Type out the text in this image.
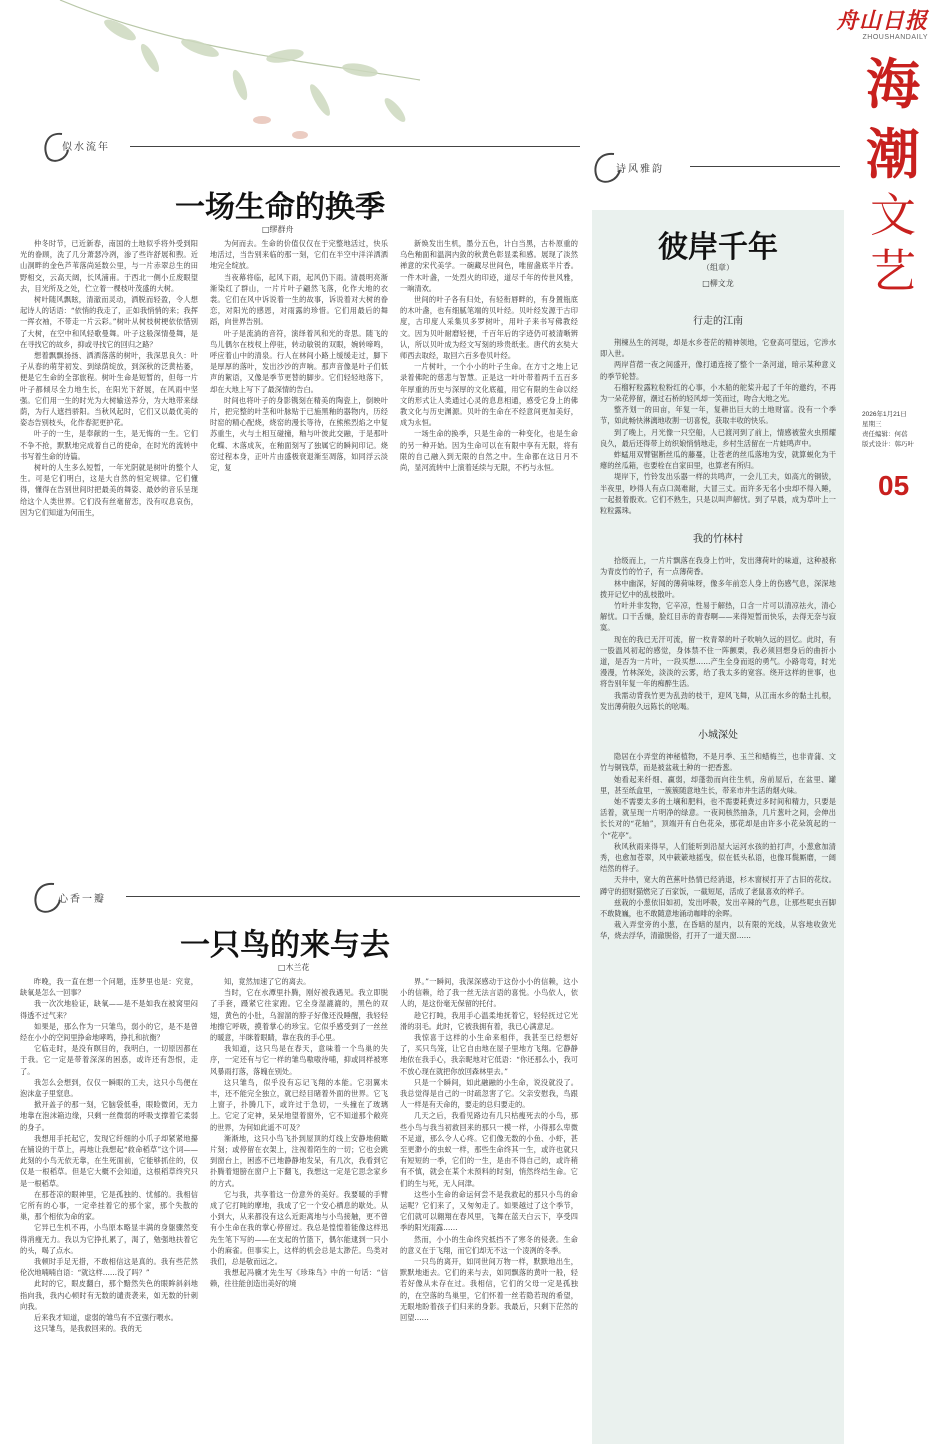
舟山日报
ZHOUSHANDAILY
海
潮
文
艺
2026年1月21日
星期三
责任编辑：何蓓
版式设计：韩巧叶
05
似水流年
一场生命的换季
□缪群舟

仲冬时节，已近新春，南国的土地似乎将外受到阳光的眷顾，洗了几分萧瑟冷冽，渗了些许舒展和煦。近山洞畔的金色芦苇落尚延数公里，与一片赤翠总生的田野相交，云高天阔，长风浦甫。于西北一侧小丘废眼望去，目光所及之处，伫立着一棵枝叶茂盛的大树。

树叶随风飘眩，清澈而灵动，洒脱而轻盈，令人想起诗人的话语：“依悄的我走了，正如我悄悄的来；我挥一挥衣袖，不带走一片云彩。”树叶从树枝树梗依依惜别了大树，在空中和风轻歌曼舞。叶子这般深情曼舞，是在寻找它的故乡，抑或寻找它的回归之路？

想着飘飘扬扬、洒洒落落的树叶，我深思良久：叶子从春的萌芽初发、到绿荫绽放，到深秋的泛黄枯萎，便是它生命的全部旅程。树叶生命是短暂的，但每一片叶子都倾尽全力地生长，在阳光下舒展，在风雨中坚强。它们用一生的时光为大树输送养分，为大地带来绿荫，为行人遮挡骄阳。当秋风起时，它们又以最优美的姿态告别枝头，化作春泥更护花。

叶子的一生，是奉献的一生，是无悔的一生。它们不争不抢，默默地完成着自己的使命，在时光的流转中书写着生命的诗篇。

树叶的人生多么短暂，一年光阴就是树叶的整个人生。可是它们明白，这是大自然的恒定规律。它们懂得，懂得在告别世间时把最美的舞姿、最妙的音乐呈现给这个人类世界。它们没有丝毫留恋，没有叹息哀伤，因为它们知道为何而生，

为何而去。生命的价值仅仅在于完整地活过，快乐地活过，当告别来临的那一刻，它们在半空中洋洋洒洒地完全绽放。

当夜幕将临，起风下雨，起风仍下雨。清晨明亮渐渐染红了群山，一片片叶子翩然飞落，化作大地的衣裳。它们在风中诉说着一生的故事，诉说着对大树的眷恋，对阳光的感恩，对雨露的珍惜。它们用最后的舞蹈，向世界告别。

叶子是流淌的音符，演绎着风和光的奇思。随飞的鸟儿偶尔在枝杈上停驻，转动敏锐的双眼，婉转啼鸣，呼应着山中的清泉。行人在林间小路上缓缓走过，脚下是厚厚的落叶，发出沙沙的声响。那声音像是叶子们低声的絮语，又像是季节更替的脚步。它们轻轻地落下，却在大地上写下了最深情的告白。

时间也将叶子的身影镌刻在精美的陶瓷上，倒映叶片，把完整的叶茎和叶脉贴于已施黑釉的器物内，历经时窑的精心配烧，烧窑的漫长等待，在熊熊烈焰之中复苏重生，火与土相互碰撞，釉与叶彼此交融，于是那叶化蝶、木落成灰，在釉面刻写了独属它的瞬间印记。烧窑过程本身，正叶片由盛极衰退渐至凋落，如同浮云淡定，复

新焕发出生机，墨分五色，计白当黑，古朴原重的乌色釉面和温润内敛的秋黄色彰显柔和感。展现了淡然禅意的宋代美学。一碗藏尽世间色，唯留盏底半片香。一件木叶盏，一处烈火的印迹，道尽千年的传世风雅，一晌清欢。

世间的叶子各有归处，有轻衔唇畔的，有身置瓶底的木叶盏，也有细腻笔端的贝叶经。贝叶经发源于古印度，古印度人采集贝多罗树叶，用叶子来书写佛教经文。因为贝叶耐磨轻便，千百年后的字迹仍可被清晰辨认，所以贝叶成为经文写刻的珍贵纸张。唐代的玄奘大师西去取经，取回六百多卷贝叶经。

一片树叶，一个小小的叶子生命。在方寸之地上记录着佛陀的慈悲与智慧。正是这一叶叶带着两千五百多年厚重的历史与深厚的文化底蕴，用它有限的生命以经文的形式让人类通过心灵的息息相通，感受它身上的佛教文化与历史渊源。贝叶的生命在不经意间更加美好，成为永恒。

一场生命的换季，只是生命的一种变化，也是生命的另一种开始。因为生命可以在有限中享有无限，将有限的自己融入到无限的自然之中。生命都在这日月不尚，显河流转中上演着延续与无限，不朽与永恒。

心香一瓣
一只鸟的来与去
□木兰花

昨晚，我一直在想一个问题，连梦里也是：究竟，缺氧是怎么一回事？

我一次次地验证，缺氧——是不是如我在被窝里闷得透不过气来？

如果是，那么作为一只雏鸟，弱小的它，是不是曾经在小小的空间里挣命地哮鸣，挣扎和抗衡？

它临走时，是没有瞑目的，我明白，一切原因都在于我。它一定是带着深深的困惑，或许还有怨恨，走了。

我怎么会想到，仅仅一瞬眼的工夫，这只小鸟便在泡沫盒子里窒息。

掀开盖子的那一刻，它脑袋低垂，眼睑微闭，无力地靠在泡沫箱边缘，只剩一丝微弱的呼吸支撑着它柔弱的身子。

我想用手托起它，发现它纤细的小爪子却紧紧地攥在铺设的干草上，再地让我想起“救命稻草”这个词——此刻的小鸟无依无靠，在生死面前，它能够抓住的，仅仅是一根稻草。但是它大概不会知道，这根稻草终究只是一根稻草。

在那苍凉的眼神里，它是孤独的、忧郁的。我相信它所有的心事，一定牵挂着它的那个家，那个失散的巢，那个相依为命的家。

它异已生机不再，小鸟原本略显丰满的身躯骤然变得消瘦无力。我以为它挣扎累了，渴了，勉强地扶着它的头，喝了点水。

我顿时手足无措，不敢相信这是真的。我有些茫然伦次地喃喃自语：“就这样……没了吗？”

此时的它，眼皮翻白，那个黯然失色的眼眸斜斜地指向我，我内心顿时有无数的谴责袭来，如无数的针刺向我。

后来我才知道，虚弱的雏鸟有不宜强行喂水。

这只雏鸟，是我救回来的。我的无

知，竟然加速了它的离去。

当时，它在水潭里扑腾，刚好被我遇见。我立即脱了手套，蹑紧它往家跑。它全身湿漉漉的，黑色的双翅，黄色的小肚，乌溜溜的脖子好像还没睡醒，我轻轻地擦它呼吸，摸着掌心的珍宝。它似乎感受到了一丝丝的暖意，半眯着眼睛，靠在我的手心里。

我知道，这只鸟是在春天，意味着一个鸟巢的失序，一定还有与它一样的雏鸟嗷嗷待哺，抑或同样被寒风暴雨打落，落魄在别处。

这只雏鸟，似乎没有忘记飞翔的本能。它羽翼未丰，还不能完全独立，就已经目睹着外面的世界。它飞上窗子，扑腾几下，或许过于急切，一头撞在了玻璃上。它定了定神，呆呆地望着窗外，它不知道那个敞亮的世界，为何如此遥不可及？

渐渐地，这只小鸟飞扑到屋顶的灯线上安静地俯瞰片刻；或停留在衣架上，注视着陌生的一切；它也会跳到窗台上，困惑不已地静静地发呆，有几次，我看到它扑腾着翅膀在窗户上下翻飞，我想这一定是它思念家乡的方式。

它与我，共享着这一份意外的美好。我要暖的手臂成了它打盹的摩地，我成了它一个安心栖息的歇处。从小到大，从来都没有这么近距离地与小鸟接触，更不曾有小生命在我的掌心停留过。我总是惶惶着能像这样迅先生笔下写的——在支起的竹篮下，偶尔能逮到一只小小的麻雀。但事实上，这样的机会总是太渺茫。鸟类对我们，总是敬而远之。

我想起冯骥才先生写《珍珠鸟》中的一句话：“信赖，往往能创造出美好的境

界。”一瞬间，我深深感动于这份小小的信赖，这小小的信赖，给了我一丝无法言语的喜悦。小鸟依人，依人的，是这份毫无保留的托付。

趁它打盹，我用手心温柔地抚着它，轻轻抚过它光滑的羽毛。此时，它被我拥有着，我已心满意足。

我惊喜于这样的小生命来相伴，我甚至已经想好了，买只鸟笼，让它自由地在屋子里地方飞翔。它静静地依在我手心，我亲昵地对它低语：“你还那么小，我可不放心现在就把你放回森林里去。”

只是一个瞬间，如此融融的小生命，说没就没了。我总觉得是自己的一时疏忽害了它。父亲安慰我，鸟跟人一样是有天命的，要走的总归要走的。

几天之后，我看见路边有几只枯瘦死去的小鸟，那些小鸟与我当初救回来的那只一模一样，小得那么卑微不足道，那么令人心疼。它们像无数的小鱼、小虾，甚至更渺小的虫蚁一样，那些生命终其一生，或许也就只有短短的一季，它们的一生，是由不得自己的，或许稍有不慎，就会在某个未预料的时刻，悄然终结生命。它们的生与死，无人问津。

这些小生命的命运何尝不是我救起的那只小鸟的命运呢？它们来了，又匆匆走了。如果越过了这个季节，它们就可以翱翔在春风里，飞舞在蓝天白云下，享受四季的阳光雨露……

然而，小小的生命终究抵挡不了寒冬的侵袭。生命的意义在于飞翔，而它们却无不这一个凌冽的冬季。

一只鸟的离开，如同世间万物一样，默默地出生，默默地逝去。它们的来与去，如同飘落的黄叶一般，轻若好像从未存在过。我相信，它们的父母一定是孤独的，在空落的鸟巢里，它们怀着一丝若隐若现的希望，无眼地盼着孩子们归来的身影。我最后，只剩下茫然的回望……

诗风雅韵
彼岸千年
（组章）
□柳文龙
行走的江南

荆楝丛生的河堤，却是水乡苍茫的精神领地，它登高可望远，它涉水即入世。

两岸苜蓿一夜之间盛开，像打通连接了整个一条河道，暗示某种意义的季节轮替。

石榴籽粒露粒粒粉红的心事，小木船的舵桨升起了千年的邀约，不再为一朵花停留，潮过石桥的轻风却一笑而过，吻合大地之光。

整齐划一的田亩，年复一年，复耕出巨大的土地财富。没有一个季节，如此畅快淋漓地收割一切喜悦，获取丰收的快乐。

到了晚上，月光像一只空船，人已渡河到了前上，情感被萤火虫照耀良久，最后还得带上纺织娘悄悄地走，乡村生活留在一片蛙鸣声中。

蚱蜢用双臂锯断丝瓜的藤蔓，让苍老的丝瓜落地为安，就算蜕化为干瘪的丝瓜箱，也要栓在自家田里，也算老有所归。

堤岸下，竹铃发出乐器一样的共鸣声，一会儿工夫，如高亢的铜钹，半夜里，吵得人有点口渴难耐，大冒三丈。而许多无名小虫却不得入睡，一起报着骰欢。它们不熟生，只是以叫声解忧。到了早晨，成为草叶上一粒粒露珠。

我的竹林村

拾级而上，一片片飘落在我身上竹叶，发出薄荷叶的味道，这种被称为青皮竹的竹子，有一点薄荷香。

林中幽深，好闻的薄荷味呀，像多年前恋人身上的伤感气息，深深地拨开记忆中的乱枝散叶。

竹叶并非发物，它辛凉，性易于解热，口含一片可以清凉祛火，清心解忧。口干舌燥，脸红目赤的青春啊——来得短暂而快乐，去得无奈与寂寞。

现在的我已无汗可流，留一枚青翠的叶子吹响久远的回忆。此时，有一股温风初起的感觉，身体禁不住一阵颤栗，我必须回想身后的曲折小道，是否为一片叶，一段买想……产生全身而返的勇气。小路弯弯，时光漫漫，竹林深处，淡淡的云雾，给了我太多的宽容。绕开这样的世事，也将告别年复一年的痴醉生活。

我需动背我竹更为乱劲的枝干，迎风飞舞，从江南水乡的黏土扎根，发出薄荷般久远陈长的吆喝。

小城深处

隐居在小弄堂的神秘植物，不是月季、玉兰和蜡梅兰，也非青蒲、文竹与铜钱草，而是被盆栽土种的一把香葱。

她看起来纤细、赢弱，却蓬勃而向往生机，房前屋后，在盆里、罐里，甚至纸盒里，一簇簇随意地生长，带来市井生活的烟火味。

她不需要太多的土壤和肥料，也不需要耗费过多时间和精力，只要是活着，就呈现一片明净的绿意。一夜间核然抽条，几片葱叶之间，会伸出长长对的“花轴”，顶端开有白色花朵，那花却是由许多小花朵筑起的一个“花亭”。

秋风秋雨来得早，人们能听到沿屋大运河水孩的拍打声，小葱愈加清秀，也愈加苍翠，风中簌簌地摇曳，似在低头私语，也像耳鬓厮磨，一阔结然的样子。

天井中，宽大的芭蕉叶热情已经消退，杉木窗棂打开了古旧的花纹。蹲守的招财猫燃完了百家饭，一截短尾，活成了老鼠喜欢的样子。

兹栽的小葱依旧如初，发出呼吸，发出辛辣的气息，让那些呢虫百脚不敢陇巍，也不敢随意地涌动咖啡的余晖。

栽入弄堂旁的小葱，在昏暗的屋内，以有限的光线，从容地收敛光华，烧去浮华，清澈脱俗，打开了一道天窗……
